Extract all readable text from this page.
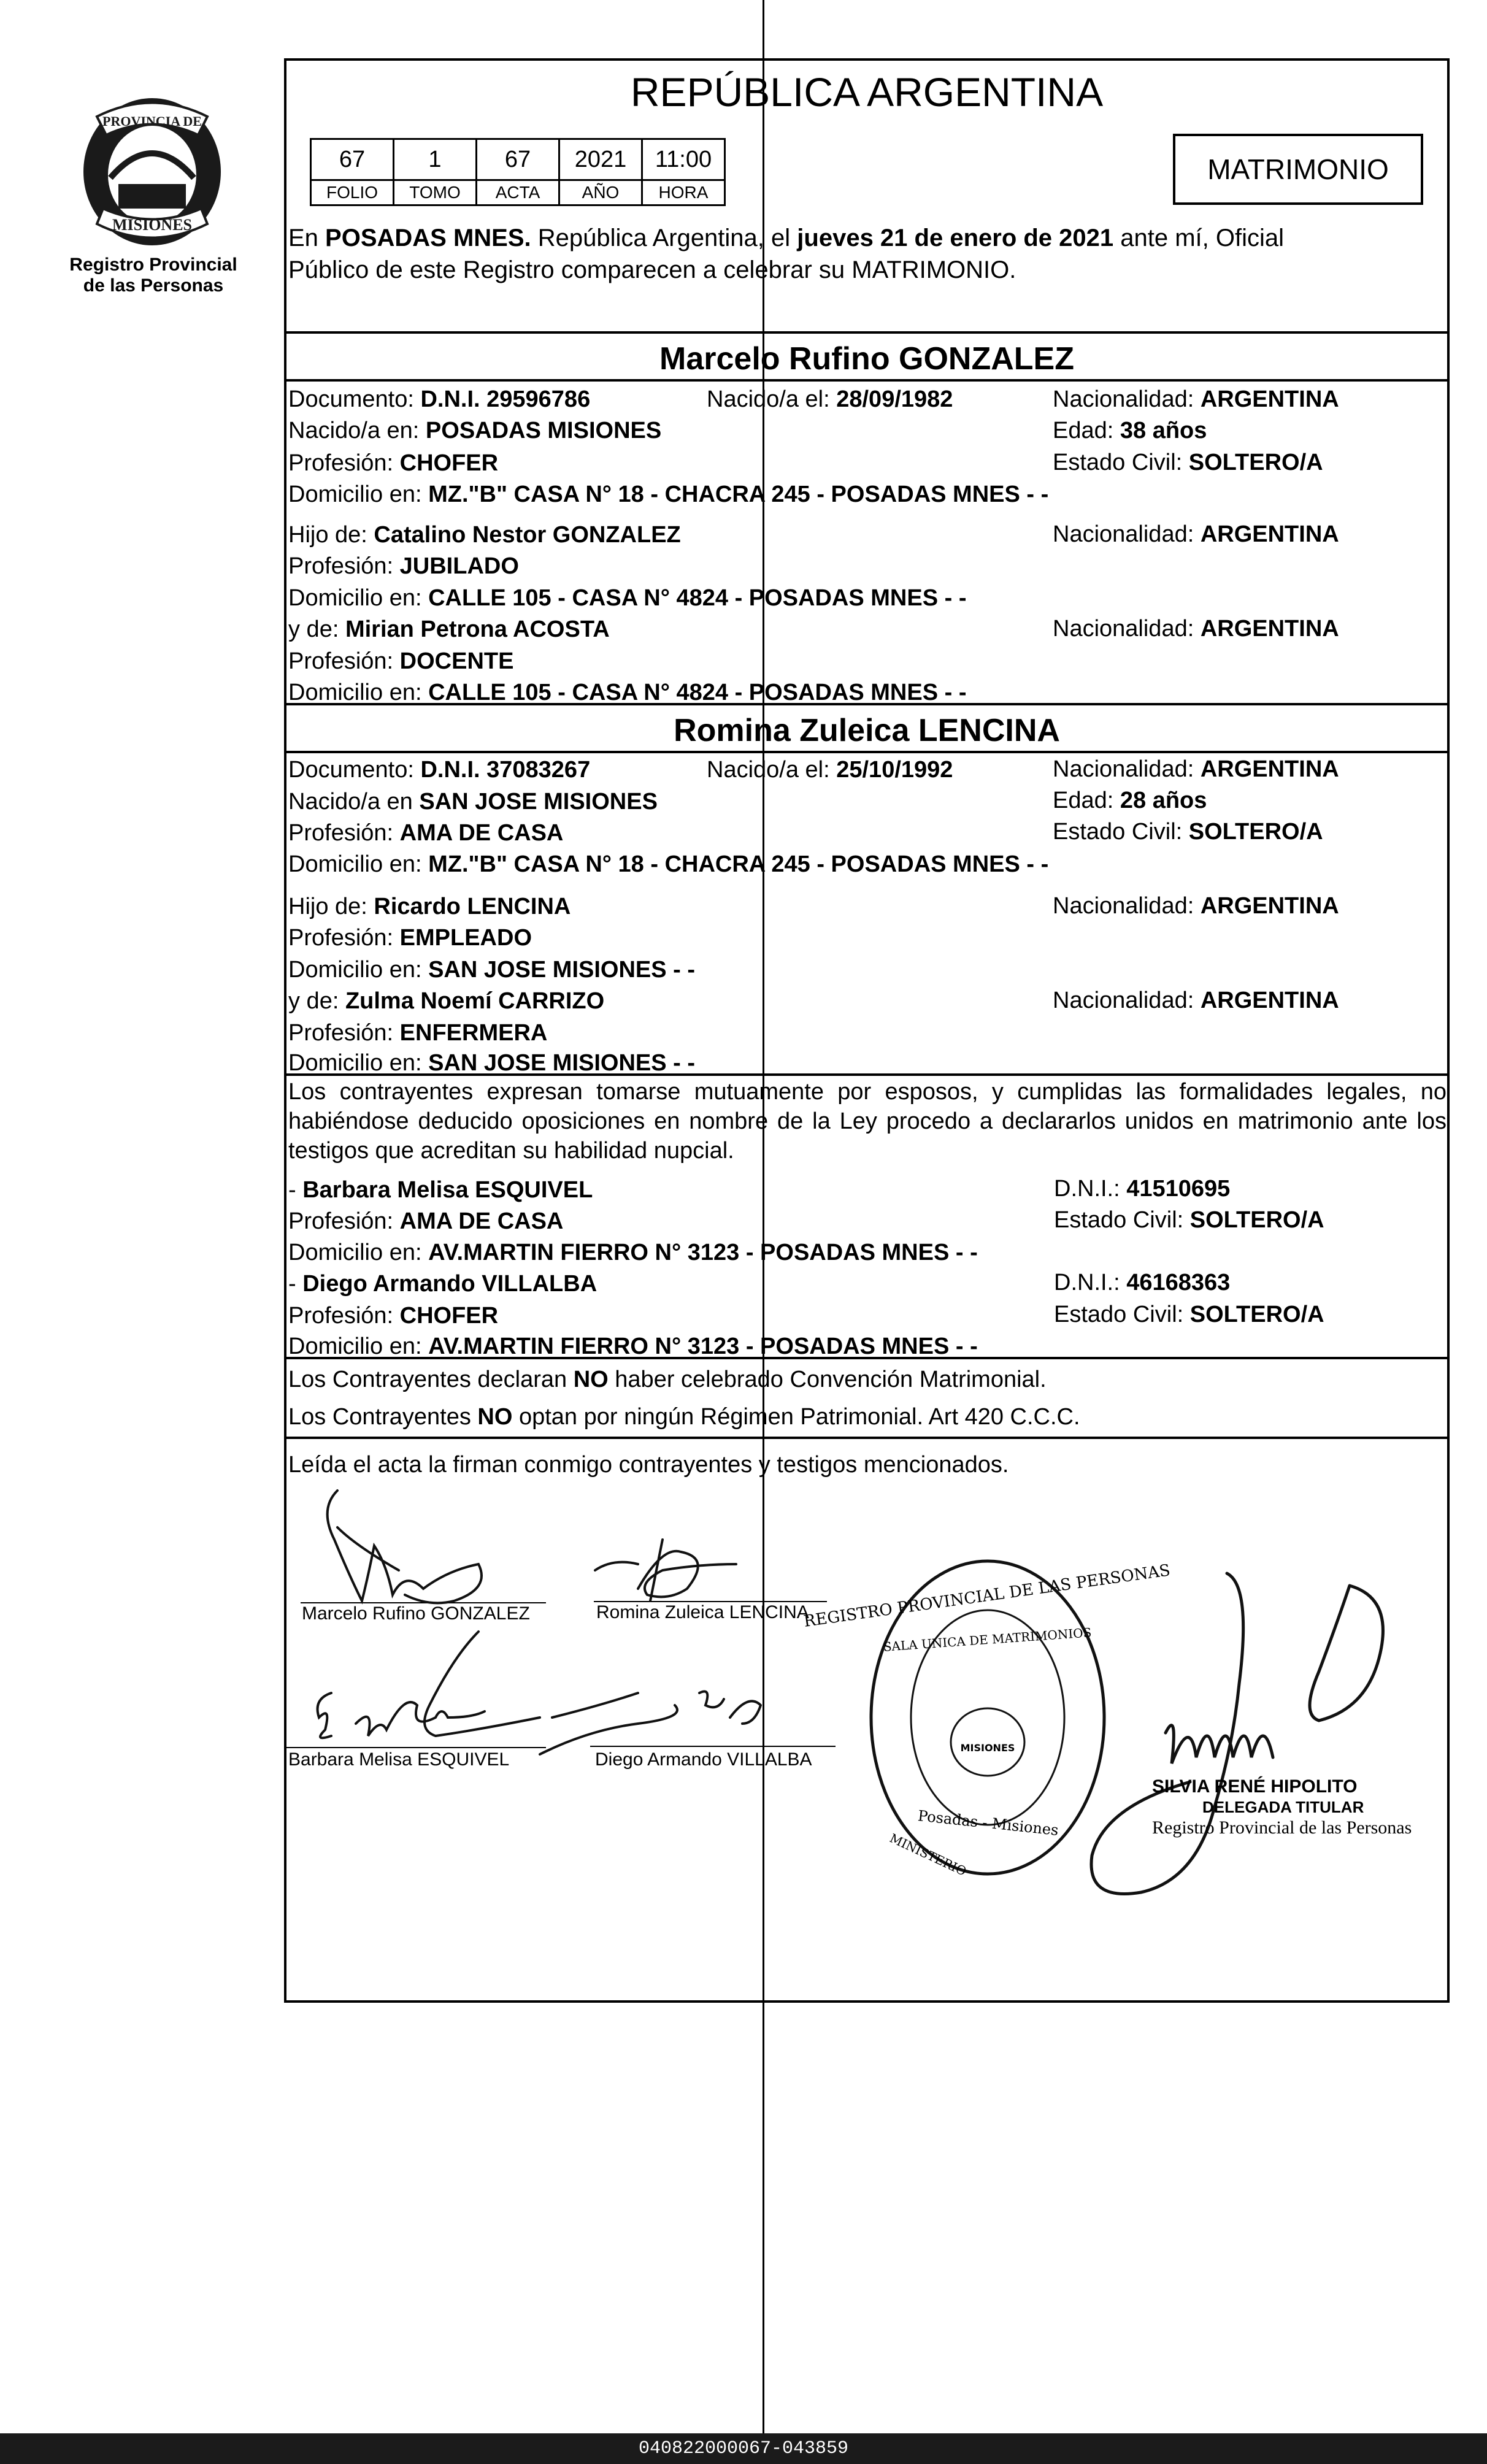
PROVINCIA DE
MISIONES
Registro Provincial
de las Personas
REPÚBLICA ARGENTINA
67	1	67	2021	11:00
FOLIO	TOMO	ACTA	AÑO	HORA
MATRIMONIO
En POSADAS MNES. República Argentina, el jueves 21 de enero de 2021 ante mí, Oficial
Público de este Registro comparecen a celebrar su MATRIMONIO.
Marcelo Rufino GONZALEZ
Documento: D.N.I. 29596786	Nacido/a el: 28/09/1982	Nacionalidad: ARGENTINA
Nacido/a en: POSADAS MISIONES	Edad: 38 años
Profesión: CHOFER	Estado Civil: SOLTERO/A
Domicilio en: MZ."B" CASA N° 18 - CHACRA 245 - POSADAS MNES - -
Hijo de: Catalino Nestor GONZALEZ	Nacionalidad: ARGENTINA
Profesión: JUBILADO
Domicilio en: CALLE 105 - CASA N° 4824 - POSADAS MNES - -
y de: Mirian Petrona ACOSTA	Nacionalidad: ARGENTINA
Profesión: DOCENTE
Domicilio en: CALLE 105 - CASA N° 4824 - POSADAS MNES - -
Romina Zuleica LENCINA
Documento: D.N.I. 37083267	Nacido/a el: 25/10/1992	Nacionalidad: ARGENTINA
Nacido/a en SAN JOSE MISIONES	Edad: 28 años
Profesión: AMA DE CASA	Estado Civil: SOLTERO/A
Domicilio en: MZ."B" CASA N° 18 - CHACRA 245 - POSADAS MNES - -
Hijo de: Ricardo LENCINA	Nacionalidad: ARGENTINA
Profesión: EMPLEADO
Domicilio en: SAN JOSE MISIONES - -
y de: Zulma Noemí CARRIZO	Nacionalidad: ARGENTINA
Profesión: ENFERMERA
Domicilio en: SAN JOSE MISIONES - -
Los contrayentes expresan tomarse mutuamente por esposos, y cumplidas las formalidades legales, no habiéndose deducido oposiciones en nombre de la Ley procedo a declararlos unidos en matrimonio ante los testigos que acreditan su habilidad nupcial.
- Barbara Melisa ESQUIVEL	D.N.I.: 41510695
Profesión: AMA DE CASA	Estado Civil: SOLTERO/A
Domicilio en: AV.MARTIN FIERRO N° 3123 - POSADAS MNES - -
- Diego Armando VILLALBA	D.N.I.: 46168363
Profesión: CHOFER	Estado Civil: SOLTERO/A
Domicilio en: AV.MARTIN FIERRO N° 3123 - POSADAS MNES - -
Los Contrayentes declaran NO haber celebrado Convención Matrimonial.
Los Contrayentes NO optan por ningún Régimen Patrimonial. Art 420 C.C.C.
Leída el acta la firman conmigo contrayentes y testigos mencionados.
Marcelo Rufino GONZALEZ	Romina Zuleica LENCINA
Barbara Melisa ESQUIVEL	Diego Armando VILLALBA
REGISTRO PROVINCIAL DE LAS PERSONAS
SALA UNICA DE MATRIMONIOS
MISIONES
Posadas - Misiones
MINISTERIO
SILVIA RENÉ HIPOLITO
DELEGADA TITULAR
Registro Provincial de las Personas
040822000067-043859
